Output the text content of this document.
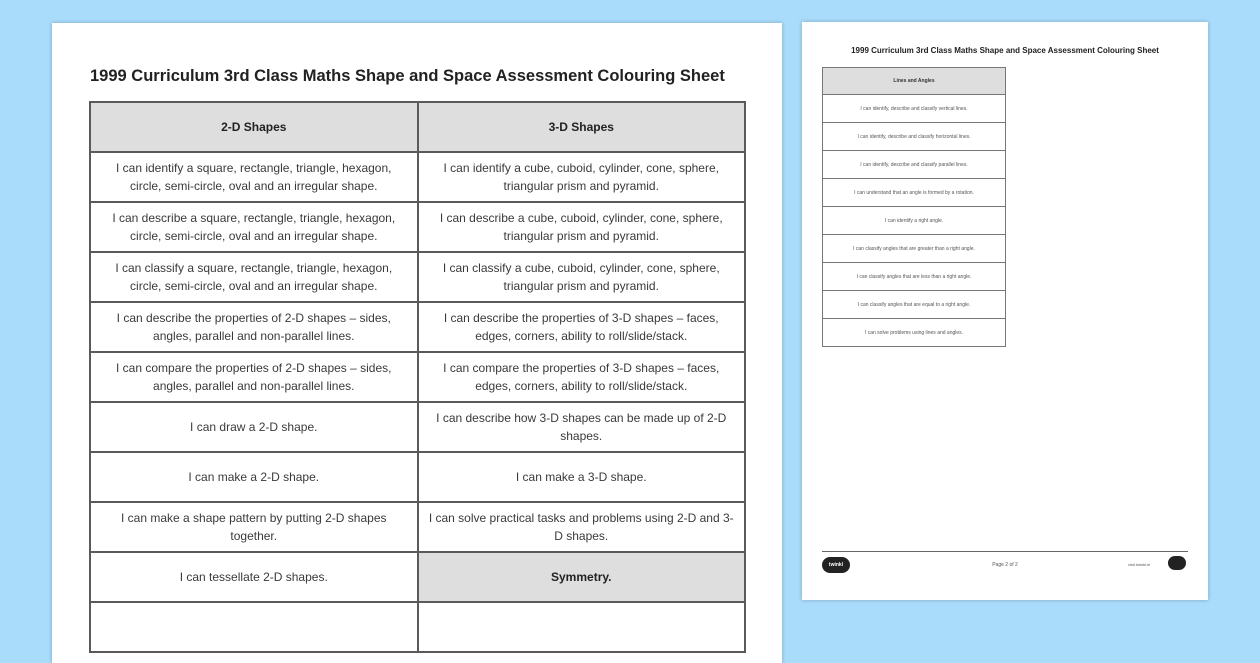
1999 Curriculum 3rd Class Maths Shape and Space Assessment Colouring Sheet
2-D Shapes	3-D Shapes
I can identify a square, rectangle, triangle, hexagon, circle, semi-circle, oval and an irregular shape.	I can identify a cube, cuboid, cylinder, cone, sphere, triangular prism and pyramid.
I can describe a square, rectangle, triangle, hexagon, circle, semi-circle, oval and an irregular shape.	I can describe a cube, cuboid, cylinder, cone, sphere, triangular prism and pyramid.
I can classify a square, rectangle, triangle, hexagon, circle, semi-circle, oval and an irregular shape.	I can classify a cube, cuboid, cylinder, cone, sphere, triangular prism and pyramid.
I can describe the properties of 2-D shapes – sides, angles, parallel and non-parallel lines.	I can describe the properties of 3-D shapes – faces, edges, corners, ability to roll/slide/stack.
I can compare the properties of 2-D shapes – sides, angles, parallel and non-parallel lines.	I can compare the properties of 3-D shapes – faces, edges, corners, ability to roll/slide/stack.
I can draw a 2-D shape.	I can describe how 3-D shapes can be made up of 2-D shapes.
I can make a 2-D shape.	I can make a 3-D shape.
I can make a shape pattern by putting 2-D shapes together.	I can solve practical tasks and problems using 2-D and 3-D shapes.
I can tessellate 2-D shapes.	Symmetry.

1999 Curriculum 3rd Class Maths Shape and Space Assessment Colouring Sheet
Lines and Angles
I can identify, describe and classify vertical lines.
I can identify, describe and classify horizontal lines.
I can identify, describe and classify parallel lines.
I can understand that an angle is formed by a rotation.
I can identify a right angle.
I can classify angles that are greater than a right angle.
I can classify angles that are less than a right angle.
I can classify angles that are equal to a right angle.
I can solve problems using lines and angles.
twinkl	Page 2 of 2	visit twinkl.ie
